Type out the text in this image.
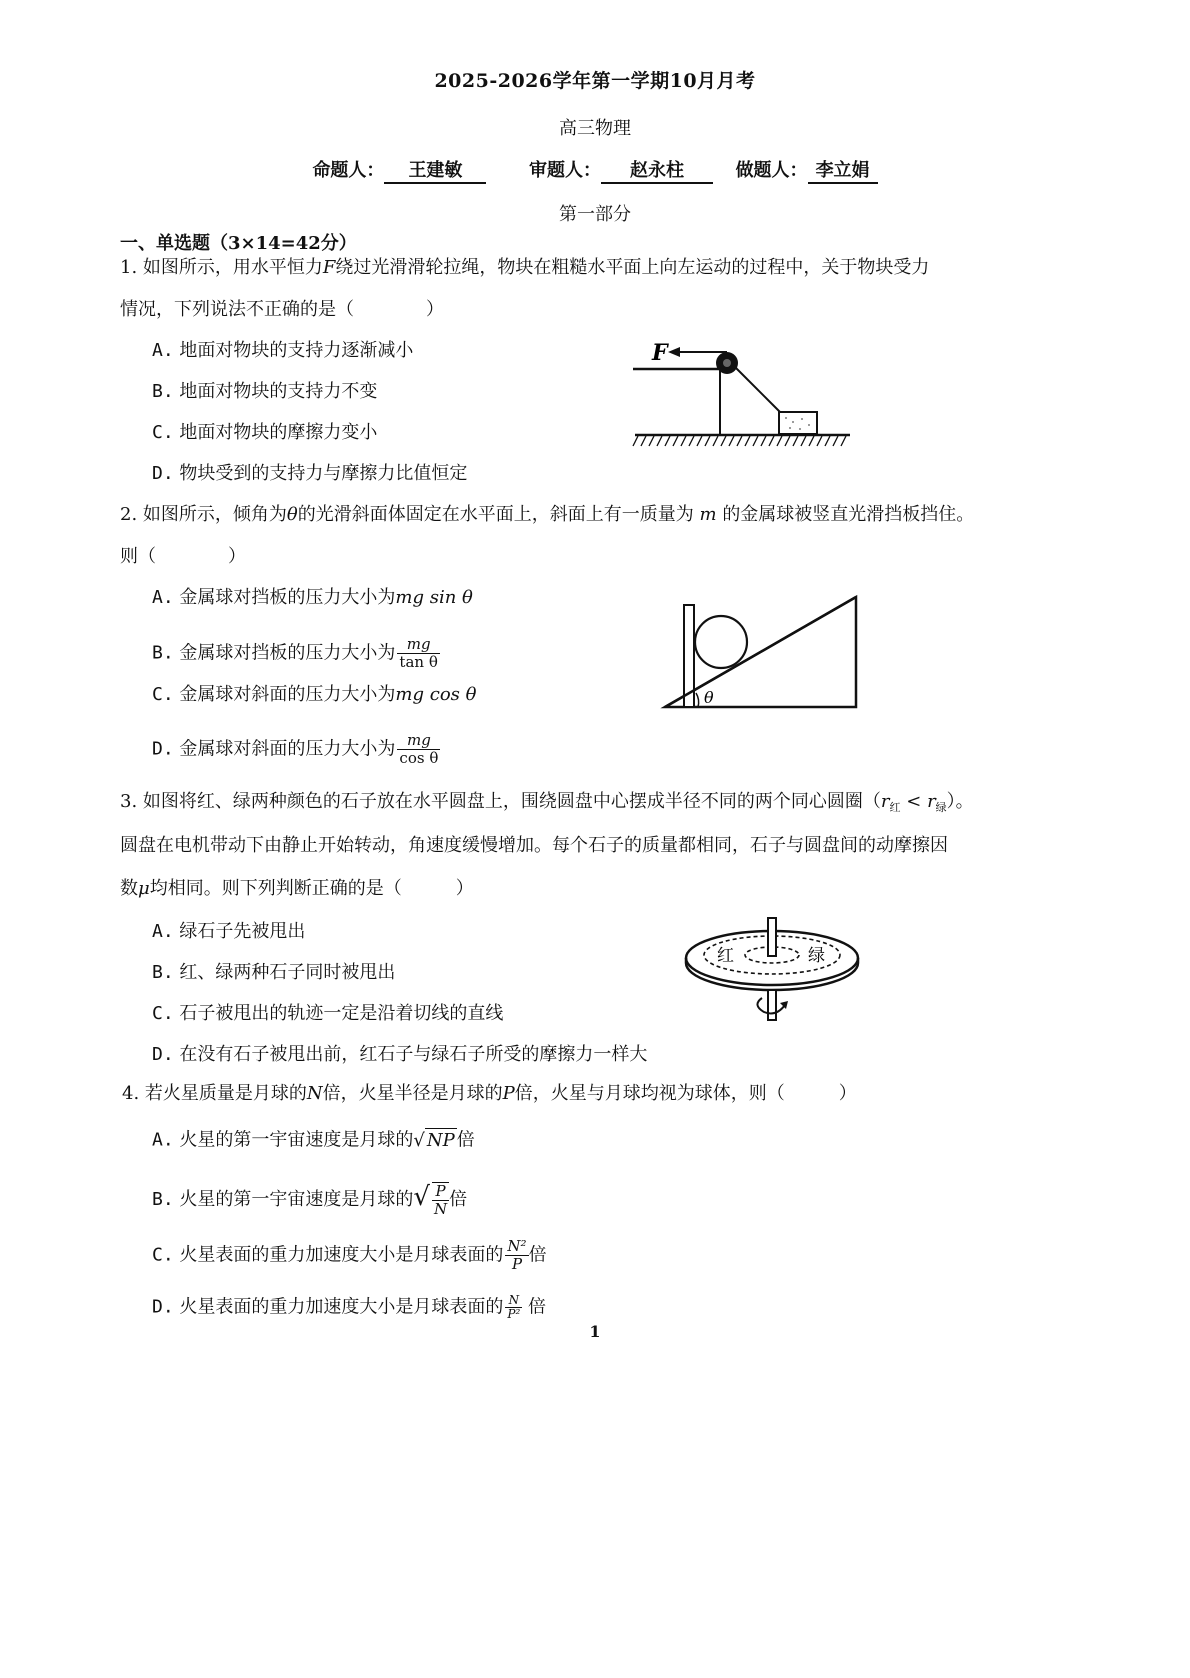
2025-2026学年第一学期10月月考
高三物理
命题人： 王建敏	审题人： 赵永柱	做题人： 李立娟
第一部分
一、单选题（3×14=42分）
1. 如图所示，用水平恒力F绕过光滑滑轮拉绳，物块在粗糙水平面上向左运动的过程中，关于物块受力
情况，下列说法不正确的是（　　　　）
A. 地面对物块的支持力逐渐减小
B. 地面对物块的支持力不变
C. 地面对物块的摩擦力变小
D. 物块受到的支持力与摩擦力比值恒定
F
2. 如图所示，倾角为θ的光滑斜面体固定在水平面上，斜面上有一质量为 m 的金属球被竖直光滑挡板挡住。
则（　　　　）
A. 金属球对挡板的压力大小为mg sin θ
B. 金属球对挡板的压力大小为 $\frac{mg}{\text{tan θ}}$
C. 金属球对斜面的压力大小为mg cos θ
D. 金属球对斜面的压力大小为 $\frac{mg}{\text{cos θ}}$
θ
3. 如图将红、绿两种颜色的石子放在水平圆盘上，围绕圆盘中心摆成半径不同的两个同心圆圈$(r_红 < r_绿)$。
圆盘在电机带动下由静止开始转动，角速度缓慢增加。每个石子的质量都相同，石子与圆盘间的动摩擦因
数μ均相同。则下列判断正确的是（　　　）
A. 绿石子先被甩出
B. 红、绿两种石子同时被甩出
C. 石子被甩出的轨迹一定是沿着切线的直线
D. 在没有石子被甩出前，红石子与绿石子所受的摩擦力一样大
红	绿
4. 若火星质量是月球的N倍，火星半径是月球的P倍，火星与月球均视为球体，则（　　　）
A. 火星的第一宇宙速度是月球的√ NP 倍
B. 火星的第一宇宙速度是月球的√ $\frac{P}{N}$ 倍
C. 火星表面的重力加速度大小是月球表面的 $\frac{\text{N²}}{P}$ 倍
D. 火星表面的重力加速度大小是月球表面的 $\frac{N}{\text{P²}}$ 倍
1
